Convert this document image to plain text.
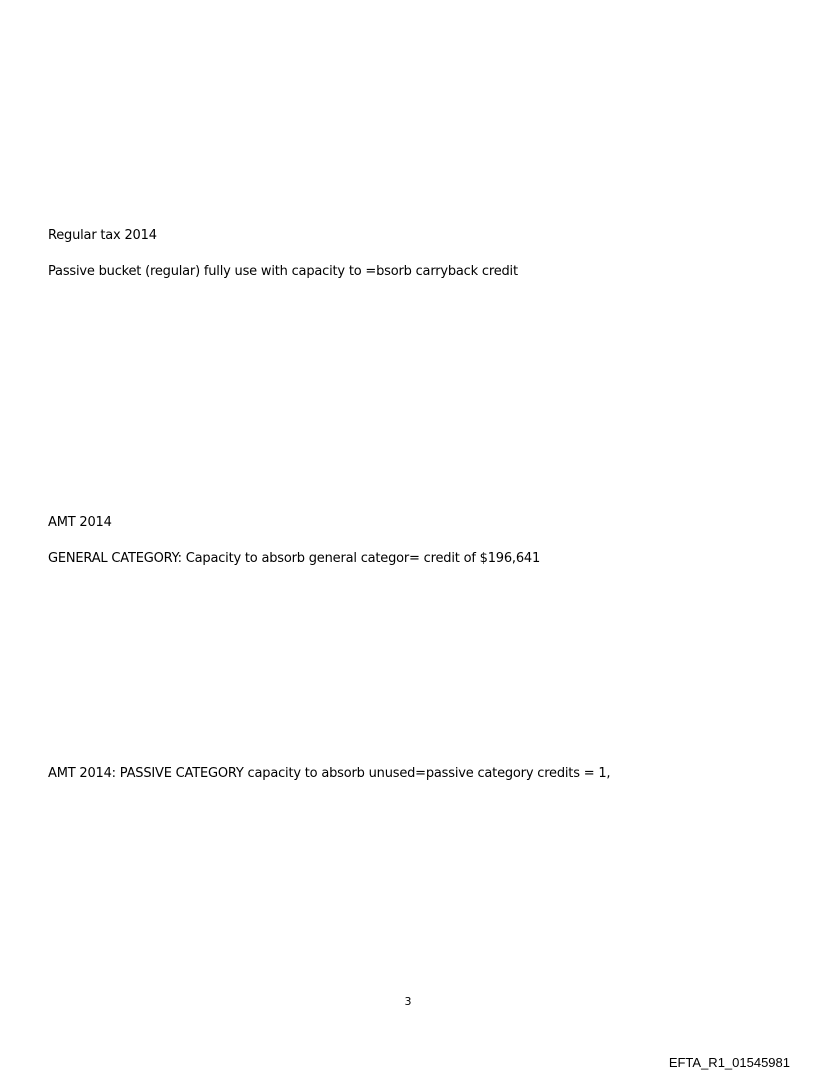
Regular tax 2014
Passive bucket (regular) fully use with capacity to =bsorb carryback credit
AMT 2014
GENERAL CATEGORY: Capacity to absorb general categor= credit of $196,641
AMT 2014: PASSIVE CATEGORY capacity to absorb unused=passive category credits = 1,
3
EFTA_R1_01545981
